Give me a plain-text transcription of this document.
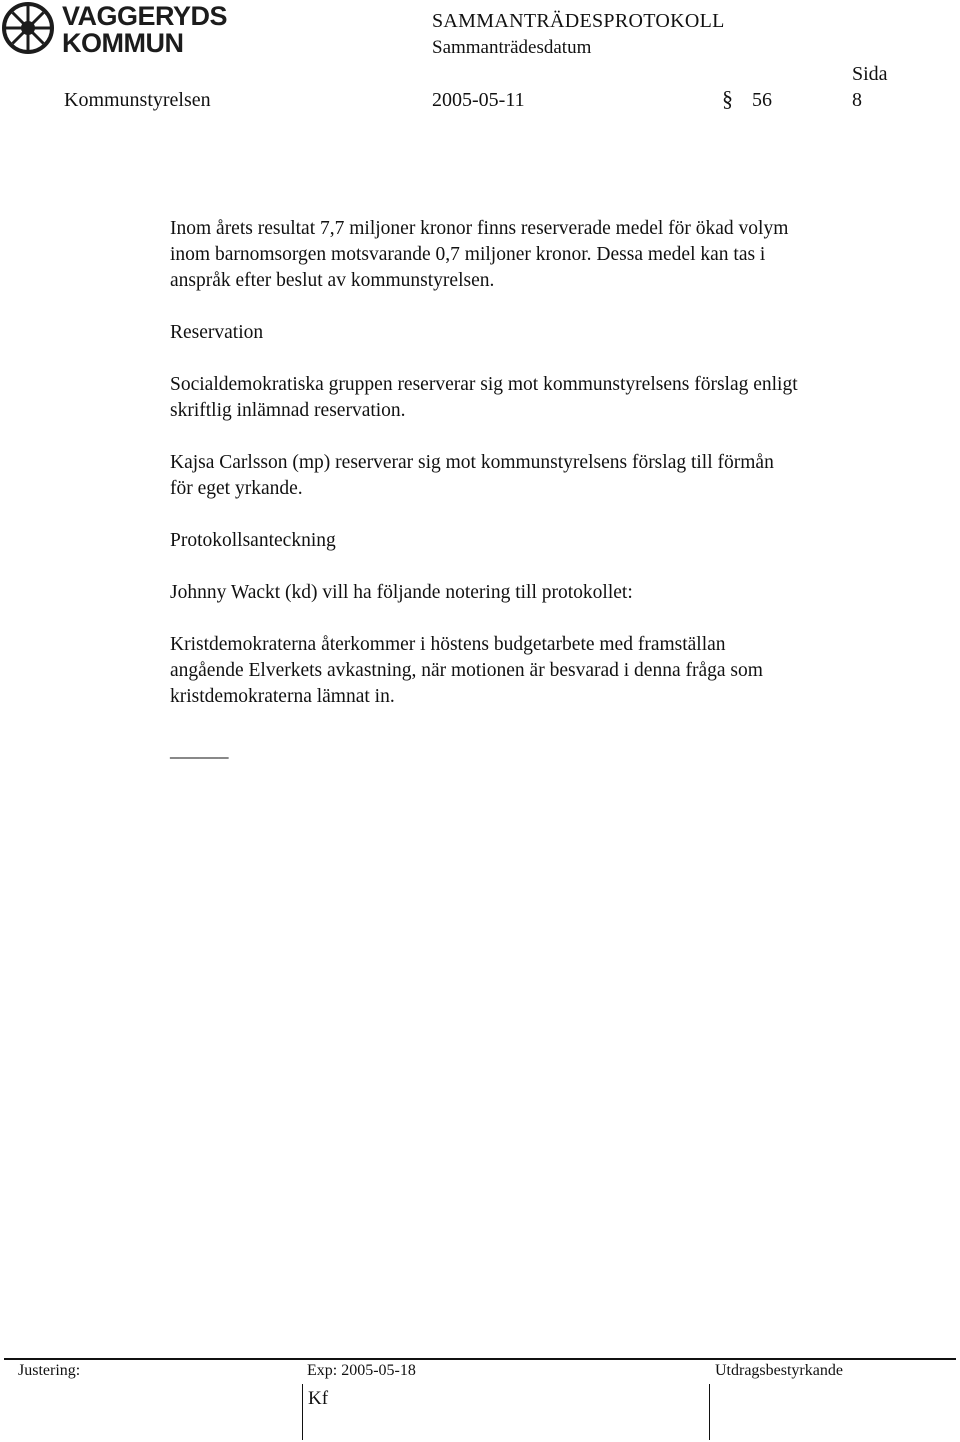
VAGGERYDS
KOMMUN
SAMMANTRÄDESPROTOKOLL
Sammanträdesdatum
Sida
Kommunstyrelsen	2005-05-11	§ 56	8
Inom årets resultat 7,7 miljoner kronor finns reserverade medel för ökad volym
inom barnomsorgen motsvarande 0,7 miljoner kronor. Dessa medel kan tas i
anspråk efter beslut av kommunstyrelsen.
Reservation
Socialdemokratiska gruppen reserverar sig mot kommunstyrelsens förslag enligt
skriftlig inlämnad reservation.
Kajsa Carlsson (mp) reserverar sig mot kommunstyrelsens förslag till förmån
för eget yrkande.
Protokollsanteckning
Johnny Wackt (kd) vill ha följande notering till protokollet:
Kristdemokraterna återkommer i höstens budgetarbete med framställan
angående Elverkets avkastning, när motionen är besvarad i denna fråga som
kristdemokraterna lämnat in.
______
Justering:	Exp: 2005-05-18	Utdragsbestyrkande
Kf
